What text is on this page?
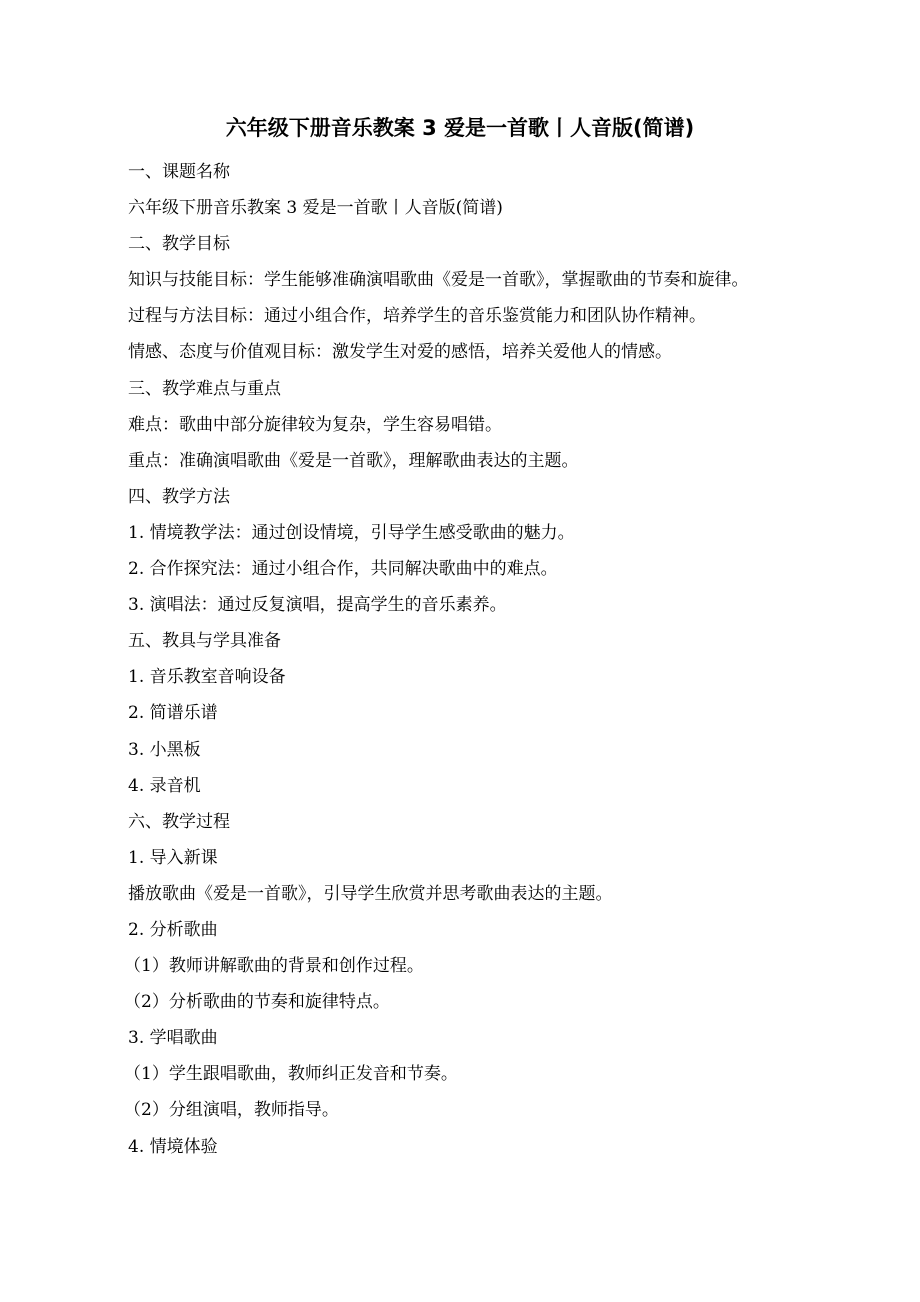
六年级下册音乐教案 3 爱是一首歌丨人音版(简谱)
一、课题名称
六年级下册音乐教案 3 爱是一首歌丨人音版(简谱)
二、教学目标
知识与技能目标：学生能够准确演唱歌曲《爱是一首歌》，掌握歌曲的节奏和旋律。
过程与方法目标：通过小组合作，培养学生的音乐鉴赏能力和团队协作精神。
情感、态度与价值观目标：激发学生对爱的感悟，培养关爱他人的情感。
三、教学难点与重点
难点：歌曲中部分旋律较为复杂，学生容易唱错。
重点：准确演唱歌曲《爱是一首歌》，理解歌曲表达的主题。
四、教学方法
1. 情境教学法：通过创设情境，引导学生感受歌曲的魅力。
2. 合作探究法：通过小组合作，共同解决歌曲中的难点。
3. 演唱法：通过反复演唱，提高学生的音乐素养。
五、教具与学具准备
1. 音乐教室音响设备
2. 简谱乐谱
3. 小黑板
4. 录音机
六、教学过程
1. 导入新课
播放歌曲《爱是一首歌》，引导学生欣赏并思考歌曲表达的主题。
2. 分析歌曲
（1）教师讲解歌曲的背景和创作过程。
（2）分析歌曲的节奏和旋律特点。
3. 学唱歌曲
（1）学生跟唱歌曲，教师纠正发音和节奏。
（2）分组演唱，教师指导。
4. 情境体验
